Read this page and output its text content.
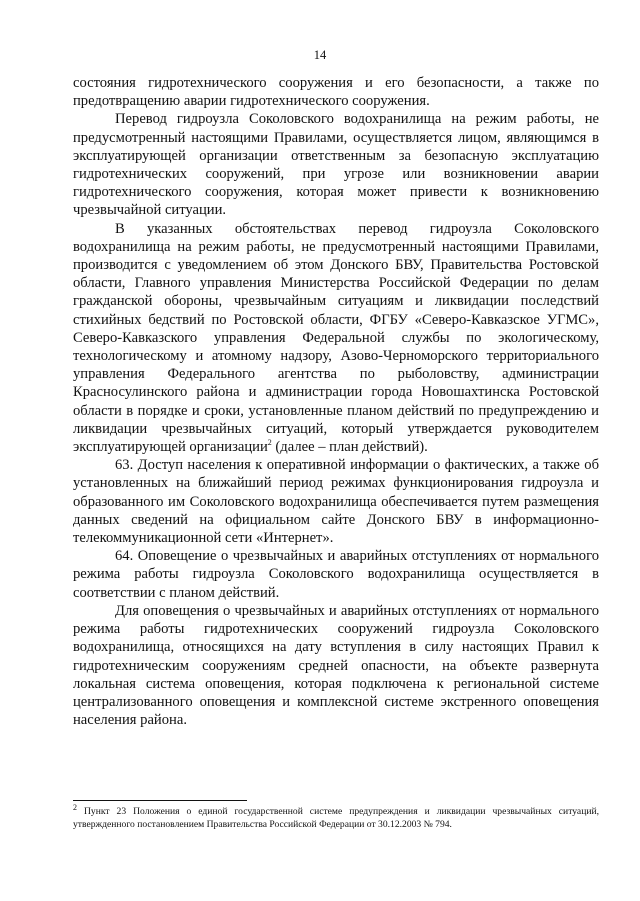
14

состояния гидротехнического сооружения и его безопасности, а также по предотвращению аварии гидротехнического сооружения.

Перевод гидроузла Соколовского водохранилища на режим работы, не предусмотренный настоящими Правилами, осуществляется лицом, являющимся в эксплуатирующей организации ответственным за безопасную эксплуатацию гидротехнических сооружений, при угрозе или возникновении аварии гидротехнического сооружения, которая может привести к возникновению чрезвычайной ситуации.

В указанных обстоятельствах перевод гидроузла Соколовского водохранилища на режим работы, не предусмотренный настоящими Правилами, производится с уведомлением об этом Донского БВУ, Правительства Ростовской области, Главного управления Министерства Российской Федерации по делам гражданской обороны, чрезвычайным ситуациям и ликвидации последствий стихийных бедствий по Ростовской области, ФГБУ «Северо-Кавказское УГМС», Северо-Кавказского управления Федеральной службы по экологическому, технологическому и атомному надзору, Азово-Черноморского территориального управления Федерального агентства по рыболовству, администрации Красносулинского района и администрации города Новошахтинска Ростовской области в порядке и сроки, установленные планом действий по предупреждению и ликвидации чрезвычайных ситуаций, который утверждается руководителем эксплуатирующей организации$^2$ (далее – план действий).

63. Доступ населения к оперативной информации о фактических, а также об установленных на ближайший период режимах функционирования гидроузла и образованного им Соколовского водохранилища обеспечивается путем размещения данных сведений на официальном сайте Донского БВУ в информационно-телекоммуникационной сети «Интернет».

64. Оповещение о чрезвычайных и аварийных отступлениях от нормального режима работы гидроузла Соколовского водохранилища осуществляется в соответствии с планом действий.

Для оповещения о чрезвычайных и аварийных отступлениях от нормального режима работы гидротехнических сооружений гидроузла Соколовского водохранилища, относящихся на дату вступления в силу настоящих Правил к гидротехническим сооружениям средней опасности, на объекте развернута локальная система оповещения, которая подключена к региональной системе централизованного оповещения и комплексной системе экстренного оповещения населения района.

$^2$ Пункт 23 Положения о единой государственной системе предупреждения и ликвидации чрезвычайных ситуаций, утвержденного постановлением Правительства Российской Федерации от 30.12.2003 № 794.
